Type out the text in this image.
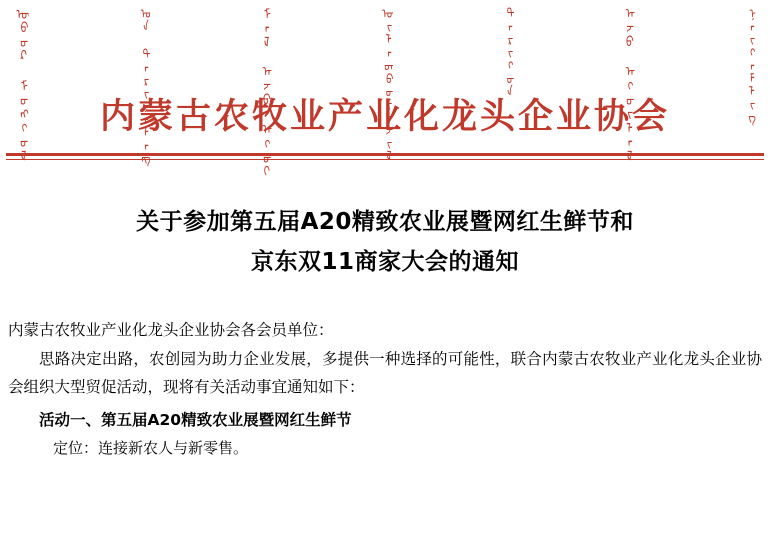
ᠥᠪᠥᠷ ᠮᠣᠩᠭᠣᠯ	ᠤᠨ ᠲᠠᠷᠢᠶᠠᠯᠠᠩ	ᠮᠠᠯ ᠠᠵᠤ ᠠᠬᠤᠢ	ᠦᠢᠯᠡᠳᠪᠦᠷᠢᠵᠢᠯ	ᠲᠡᠷᠢᠭᠦᠨ	ᠠᠵᠤ ᠠᠬᠤᠢᠯᠠᠯ	ᠨᠡᠢᠭᠡᠮᠯᠢᠭ
内蒙古农牧业产业化龙头企业协会
关于参加第五届A20精致农业展暨网红生鲜节和
京东双11商家大会的通知

内蒙古农牧业产业化龙头企业协会各会员单位：

思路决定出路，农创园为助力企业发展，多提供一种选择的可能性，联合内蒙古农牧业产业化龙头企业协会组织大型贸促活动，现将有关活动事宜通知如下：

活动一、第五届A20精致农业展暨网红生鲜节

定位：连接新农人与新零售。
